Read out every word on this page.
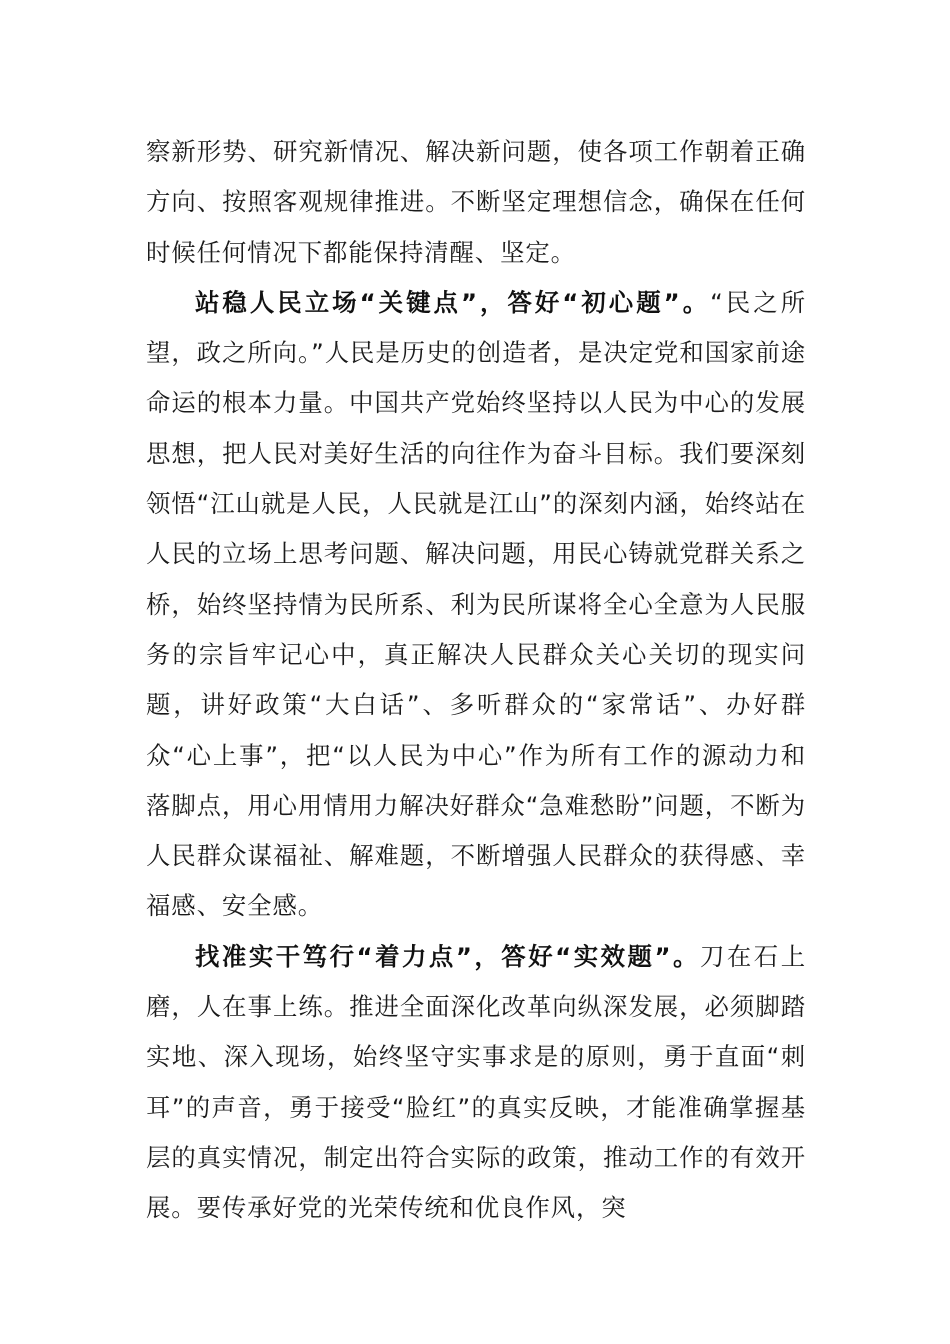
察新形势、研究新情况、解决新问题，使各项工作朝着正确方向、按照客观规律推进。不断坚定理想信念，确保在任何时候任何情况下都能保持清醒、坚定。

站稳人民立场“关键点”，答好“初心题”。“民之所望，政之所向。”人民是历史的创造者，是决定党和国家前途命运的根本力量。中国共产党始终坚持以人民为中心的发展思想，把人民对美好生活的向往作为奋斗目标。我们要深刻领悟“江山就是人民，人民就是江山”的深刻内涵，始终站在人民的立场上思考问题、解决问题，用民心铸就党群关系之桥，始终坚持情为民所系、利为民所谋将全心全意为人民服务的宗旨牢记心中，真正解决人民群众关心关切的现实问题，讲好政策“大白话”、多听群众的“家常话”、办好群众“心上事”，把“以人民为中心”作为所有工作的源动力和落脚点，用心用情用力解决好群众“急难愁盼”问题，不断为人民群众谋福祉、解难题，不断增强人民群众的获得感、幸福感、安全感。

找准实干笃行“着力点”，答好“实效题”。刀在石上磨，人在事上练。推进全面深化改革向纵深发展，必须脚踏实地、深入现场，始终坚守实事求是的原则，勇于直面“刺耳”的声音，勇于接受“脸红”的真实反映，才能准确掌握基层的真实情况，制定出符合实际的政策，推动工作的有效开展。要传承好党的光荣传统和优良作风，突
